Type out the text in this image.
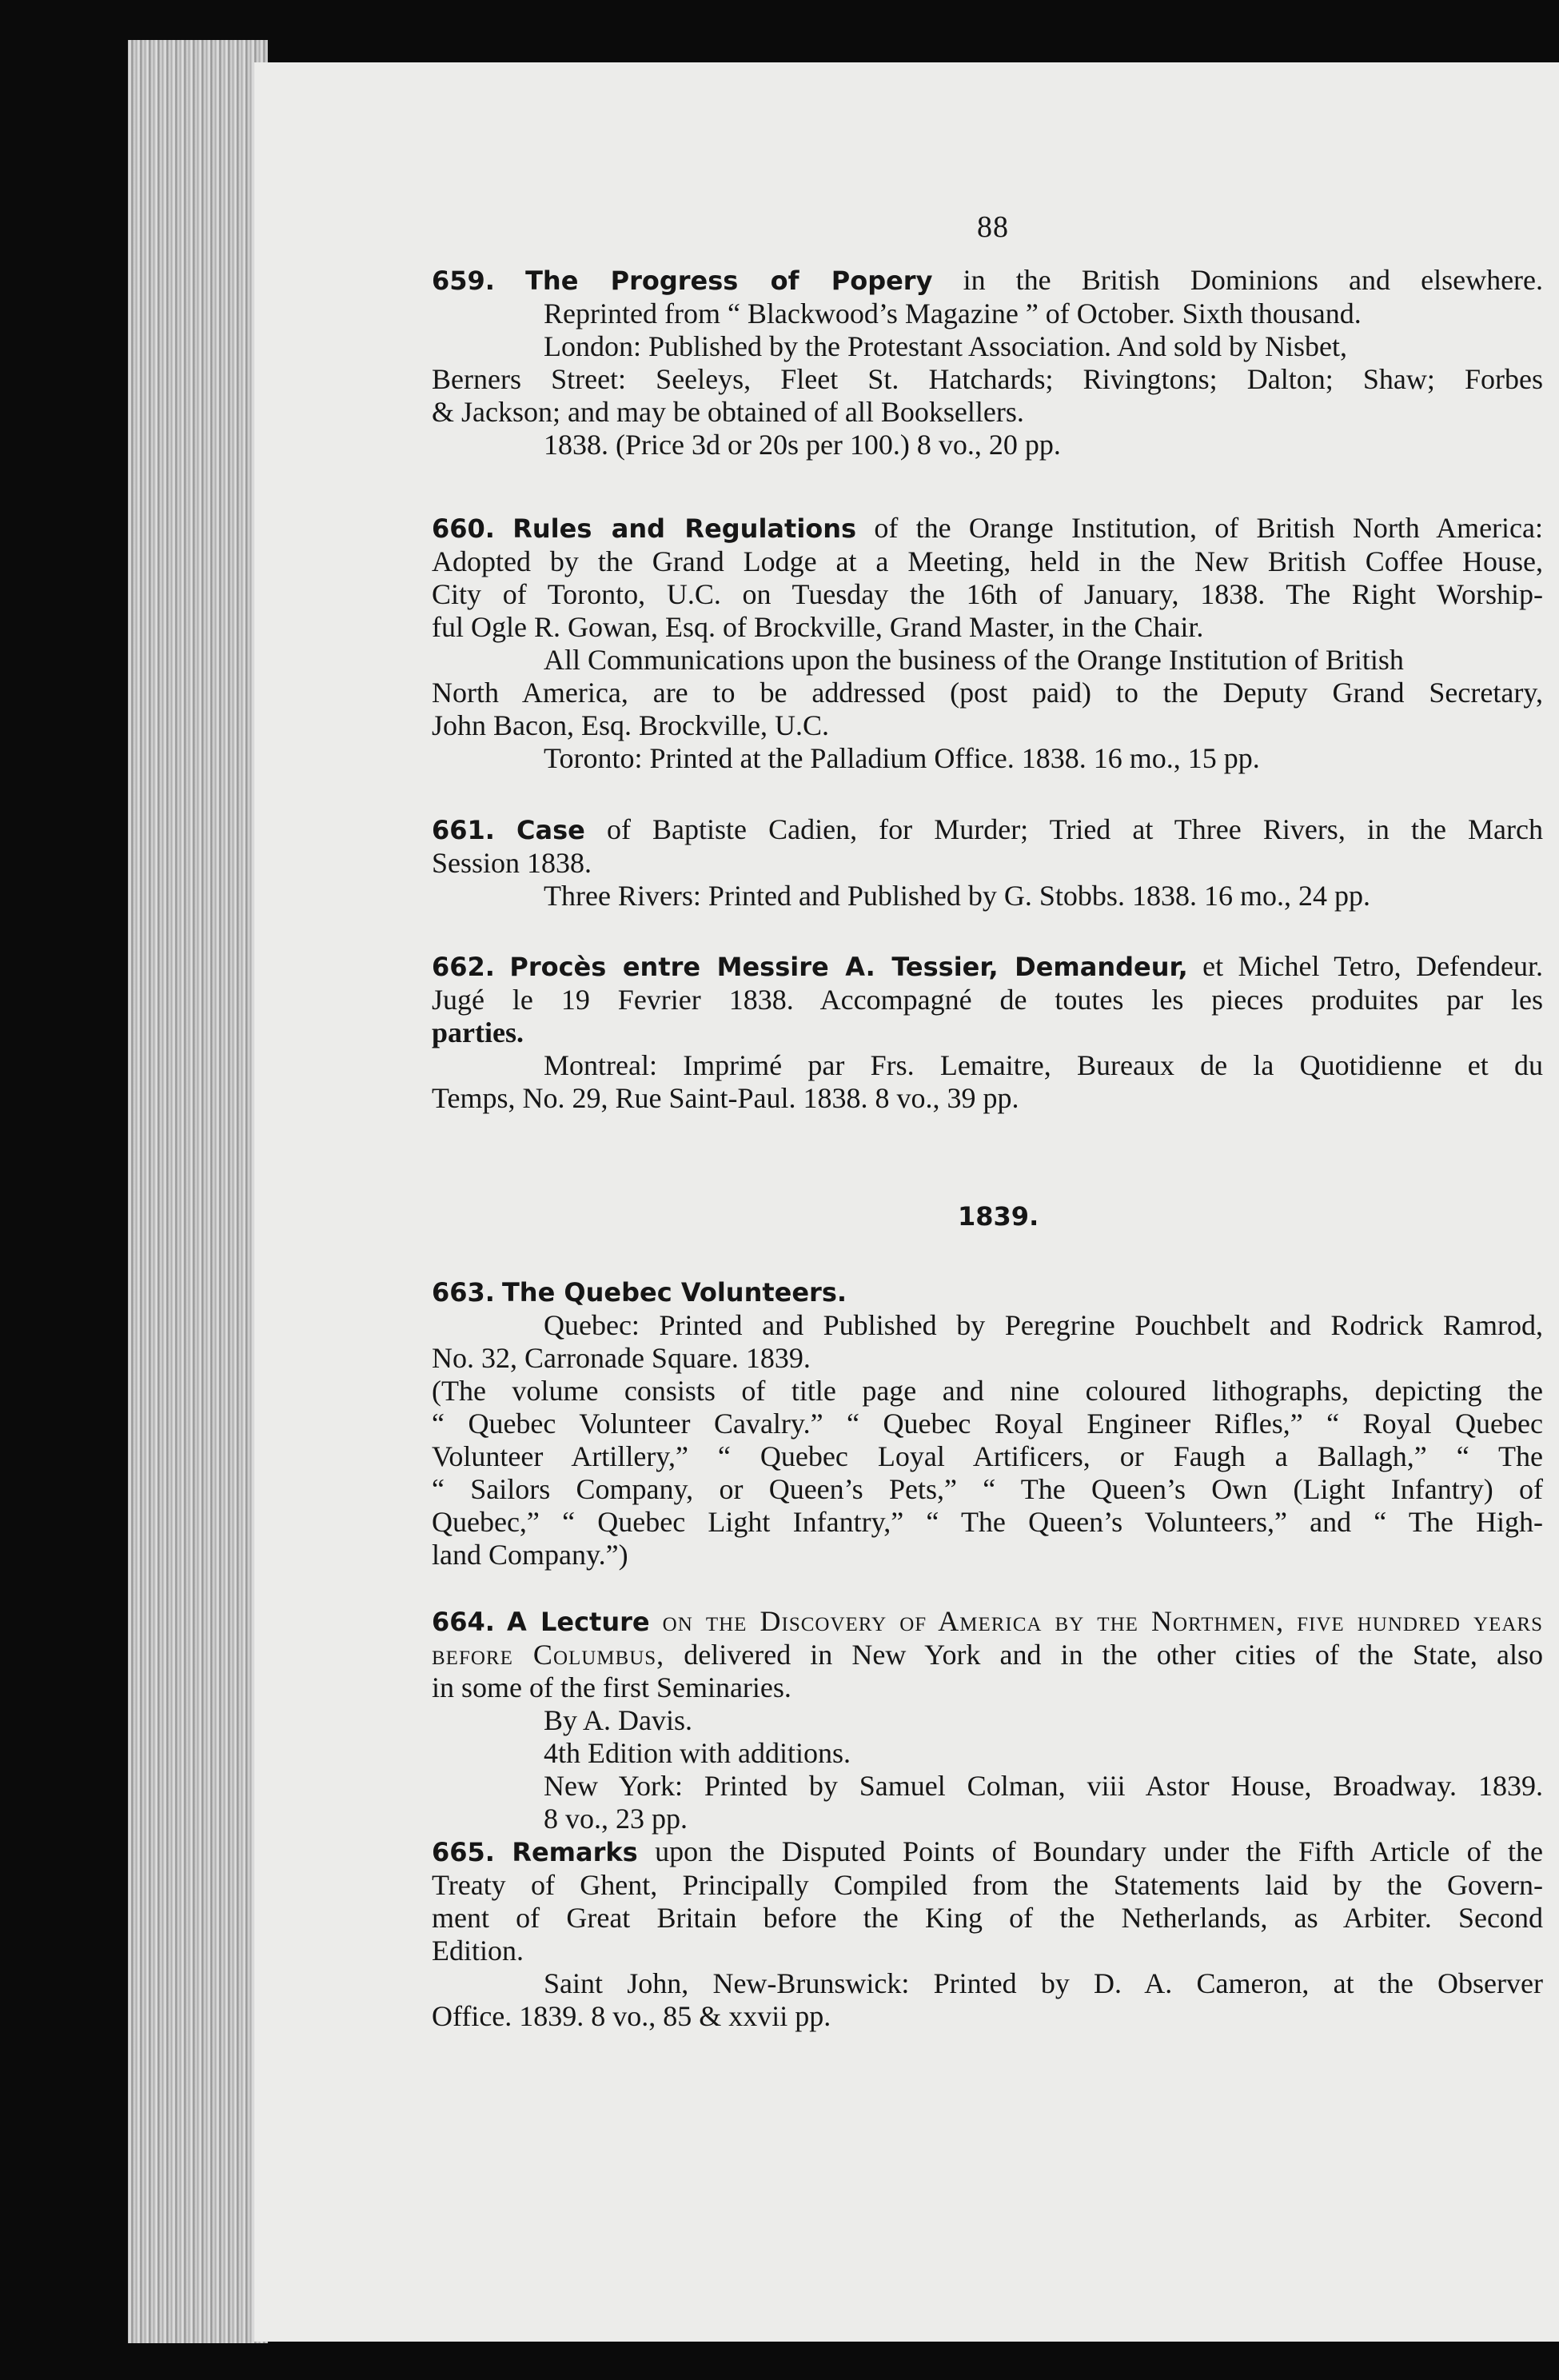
88
659. The Progress of Popery in the British Dominions and elsewhere.
Reprinted from “ Blackwood’s Magazine ” of October. Sixth thousand.
London: Published by the Protestant Association. And sold by Nisbet,
Berners Street: Seeleys, Fleet St. Hatchards; Rivingtons; Dalton; Shaw; Forbes
& Jackson; and may be obtained of all Booksellers.
1838. (Price 3d or 20s per 100.) 8 vo., 20 pp.
660. Rules and Regulations of the Orange Institution, of British North America:
Adopted by the Grand Lodge at a Meeting, held in the New British Coffee House,
City of Toronto, U.C. on Tuesday the 16th of January, 1838. The Right Worship-
ful Ogle R. Gowan, Esq. of Brockville, Grand Master, in the Chair.
All Communications upon the business of the Orange Institution of British
North America, are to be addressed (post paid) to the Deputy Grand Secretary,
John Bacon, Esq. Brockville, U.C.
Toronto: Printed at the Palladium Office. 1838. 16 mo., 15 pp.
661. Case of Baptiste Cadien, for Murder; Tried at Three Rivers, in the March
Session 1838.
Three Rivers: Printed and Published by G. Stobbs. 1838. 16 mo., 24 pp.
662. Procès entre Messire A. Tessier, Demandeur, et Michel Tetro, Defendeur.
Jugé le 19 Fevrier 1838. Accompagné de toutes les pieces produites par les
parties.
Montreal: Imprimé par Frs. Lemaitre, Bureaux de la Quotidienne et du
Temps, No. 29, Rue Saint-Paul. 1838. 8 vo., 39 pp.
1839.
663. The Quebec Volunteers.
Quebec: Printed and Published by Peregrine Pouchbelt and Rodrick Ramrod,
No. 32, Carronade Square. 1839.
(The volume consists of title page and nine coloured lithographs, depicting the
“ Quebec Volunteer Cavalry.” “ Quebec Royal Engineer Rifles,” “ Royal Quebec
Volunteer Artillery,” “ Quebec Loyal Artificers, or Faugh a Ballagh,” “ The
“ Sailors Company, or Queen’s Pets,” “ The Queen’s Own (Light Infantry) of
Quebec,” “ Quebec Light Infantry,” “ The Queen’s Volunteers,” and “ The High-
land Company.”)
664. A Lecture on the Discovery of America by the Northmen, five hundred years
before Columbus, delivered in New York and in the other cities of the State, also
in some of the first Seminaries.
By A. Davis.
4th Edition with additions.
New York: Printed by Samuel Colman, viii Astor House, Broadway. 1839.
8 vo., 23 pp.
665. Remarks upon the Disputed Points of Boundary under the Fifth Article of the
Treaty of Ghent, Principally Compiled from the Statements laid by the Govern-
ment of Great Britain before the King of the Netherlands, as Arbiter. Second
Edition.
Saint John, New-Brunswick: Printed by D. A. Cameron, at the Observer
Office. 1839. 8 vo., 85 & xxvii pp.
